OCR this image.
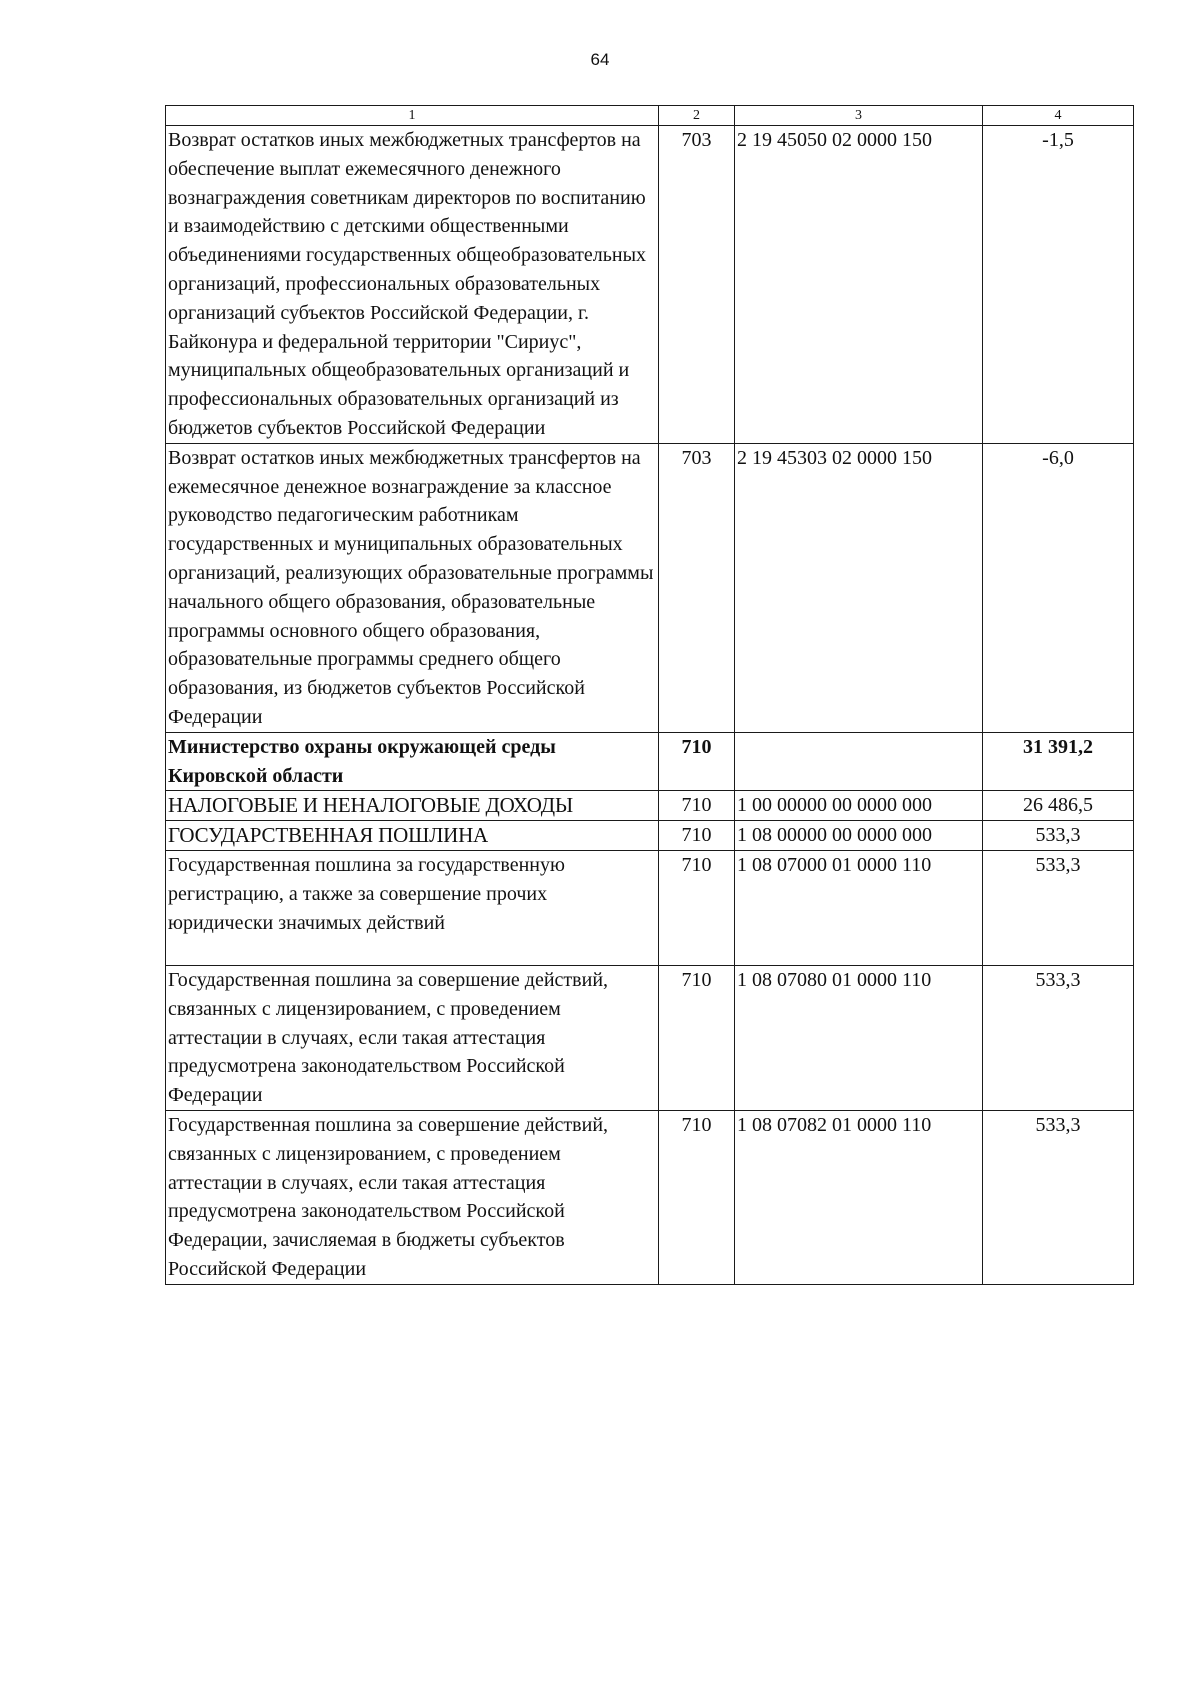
64
1	2	3	4
Возврат остатков иных межбюджетных трансфертов на обеспечение выплат ежемесячного денежного вознаграждения советникам директоров по воспитанию и взаимодействию с детскими общественными объединениями государственных общеобразовательных организаций, профессиональных образовательных организаций субъектов Российской Федерации, г. Байконура и федеральной территории "Сириус", муниципальных общеобразовательных организаций и профессиональных образовательных организаций из бюджетов субъектов Российской Федерации	703	2 19 45050 02 0000 150	-1,5
Возврат остатков иных межбюджетных трансфертов на ежемесячное денежное вознаграждение за классное руководство педагогическим работникам государственных и муниципальных образовательных организаций, реализующих образовательные программы начального общего образования, образовательные программы основного общего образования, образовательные программы среднего общего образования, из бюджетов субъектов Российской Федерации	703	2 19 45303 02 0000 150	-6,0
Министерство охраны окружающей среды Кировской области	710		31 391,2
НАЛОГОВЫЕ И НЕНАЛОГОВЫЕ ДОХОДЫ	710	1 00 00000 00 0000 000	26 486,5
ГОСУДАРСТВЕННАЯ ПОШЛИНА	710	1 08 00000 00 0000 000	533,3
Государственная пошлина за государственную регистрацию, а также за совершение прочих юридически значимых действий	710	1 08 07000 01 0000 110	533,3
Государственная пошлина за совершение действий, связанных с лицензированием, с проведением аттестации в случаях, если такая аттестация предусмотрена законодательством Российской Федерации	710	1 08 07080 01 0000 110	533,3
Государственная пошлина за совершение действий, связанных с лицензированием, с проведением аттестации в случаях, если такая аттестация предусмотрена законодательством Российской Федерации, зачисляемая в бюджеты субъектов Российской Федерации	710	1 08 07082 01 0000 110	533,3
